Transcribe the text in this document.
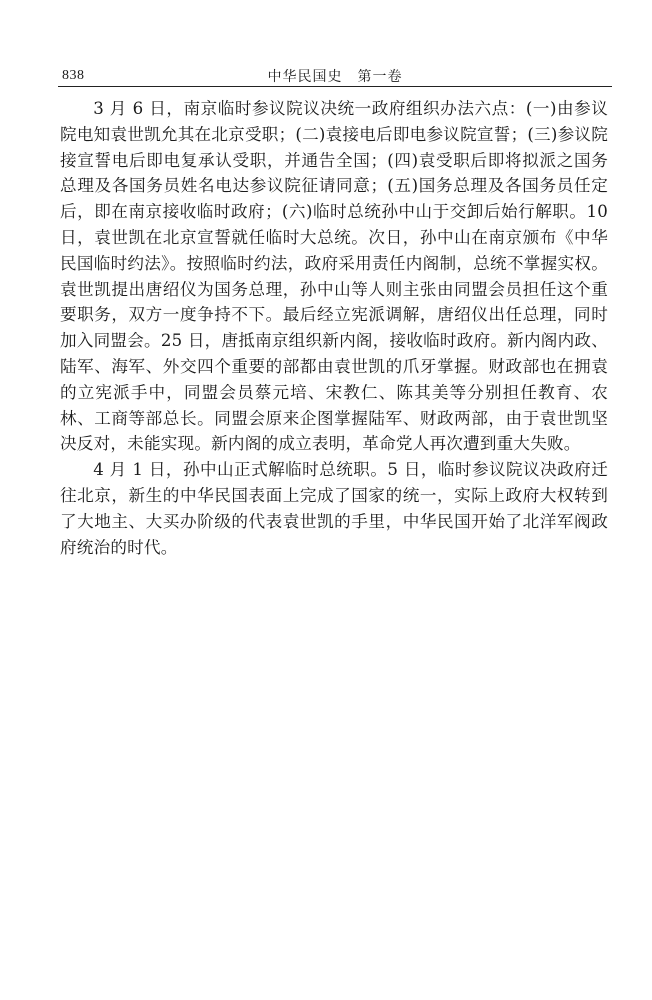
838	中华民国史　第一卷

3 月 6 日，南京临时参议院议决统一政府组织办法六点：(一)由参议院电知袁世凯允其在北京受职；(二)袁接电后即电参议院宣誓；(三)参议院接宣誓电后即电复承认受职，并通告全国；(四)袁受职后即将拟派之国务总理及各国务员姓名电达参议院征请同意；(五)国务总理及各国务员任定后，即在南京接收临时政府；(六)临时总统孙中山于交卸后始行解职。10 日，袁世凯在北京宣誓就任临时大总统。次日，孙中山在南京颁布《中华民国临时约法》。按照临时约法，政府采用责任内阁制，总统不掌握实权。袁世凯提出唐绍仪为国务总理，孙中山等人则主张由同盟会员担任这个重要职务，双方一度争持不下。最后经立宪派调解，唐绍仪出任总理，同时加入同盟会。25 日，唐抵南京组织新内阁，接收临时政府。新内阁内政、陆军、海军、外交四个重要的部都由袁世凯的爪牙掌握。财政部也在拥袁的立宪派手中，同盟会员蔡元培、宋教仁、陈其美等分别担任教育、农林、工商等部总长。同盟会原来企图掌握陆军、财政两部，由于袁世凯坚决反对，未能实现。新内阁的成立表明，革命党人再次遭到重大失败。

4 月 1 日，孙中山正式解临时总统职。5 日，临时参议院议决政府迁往北京，新生的中华民国表面上完成了国家的统一，实际上政府大权转到了大地主、大买办阶级的代表袁世凯的手里，中华民国开始了北洋军阀政府统治的时代。
